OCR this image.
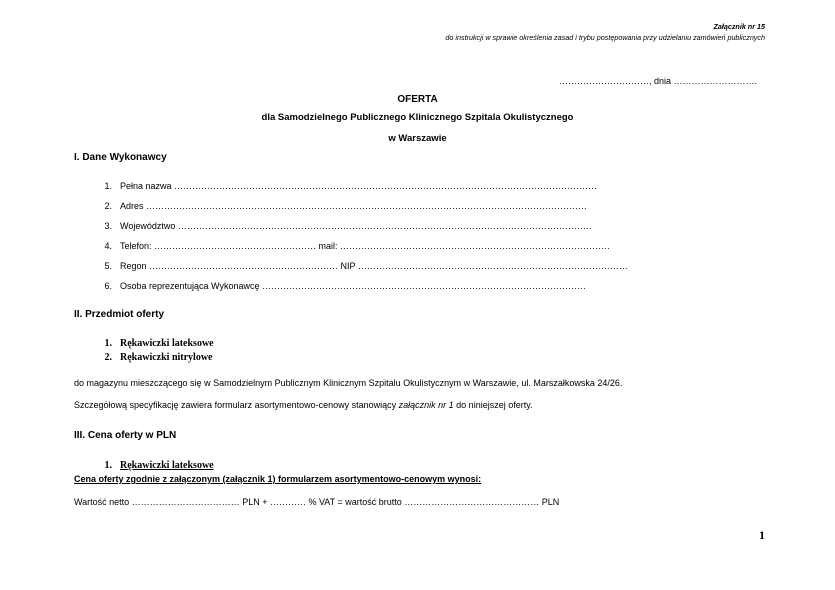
Załącznik nr 15
do instrukcji w sprawie określenia zasad i trybu postępowania przy udzielaniu zamówień publicznych
…………………………, dnia ……………………….
OFERTA
dla Samodzielnego Publicznego Klinicznego Szpitala Okulistycznego
w Warszawie
I. Dane Wykonawcy
1. Pełna nazwa ……………………………………………………………………………………………………………………………
2. Adres …………………………………………………………………………………………………………………………………
3. Województwo …………………………………………………………………………………………………………………………
4. Telefon: ……………………………………………… mail: ………………………………………………………………………………
5. Regon ……………………………………………………… NIP ………………………………………………………………………………
6. Osoba reprezentująca Wykonawcę ………………………………………………………………………………………………
II. Przedmiot oferty
1. Rękawiczki lateksowe
2. Rękawiczki nitrylowe
do magazynu mieszczącego się w Samodzielnym Publicznym Klinicznym Szpitalu Okulistycznym w Warszawie, ul. Marszałkowska 24/26.
Szczegółową specyfikację zawiera formularz asortymentowo-cenowy stanowiący załącznik nr 1 do niniejszej oferty.
III. Cena oferty w PLN
1. Rękawiczki lateksowe
Cena oferty zgodnie z załączonym (załącznik 1) formularzem asortymentowo-cenowym wynosi:
Wartość netto ……………………………… PLN + ………… % VAT = wartość brutto ……………………………………… PLN
1
